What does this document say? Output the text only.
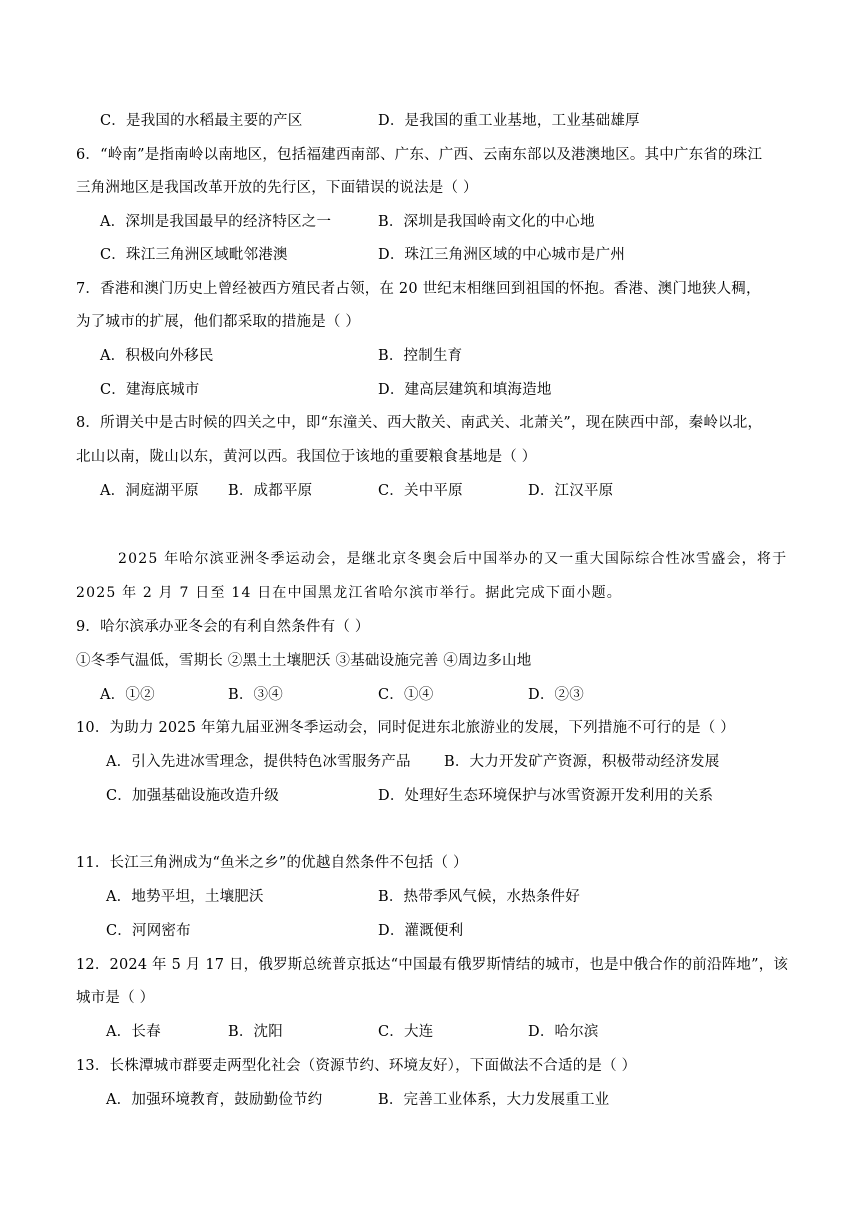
C．是我国的水稻最主要的产区	D．是我国的重工业基地，工业基础雄厚
6．“岭南”是指南岭以南地区，包括福建西南部、广东、广西、云南东部以及港澳地区。其中广东省的珠江
三角洲地区是我国改革开放的先行区，下面错误的说法是（ ）
A．深圳是我国最早的经济特区之一	B．深圳是我国岭南文化的中心地
C．珠江三角洲区域毗邻港澳	D．珠江三角洲区域的中心城市是广州
7．香港和澳门历史上曾经被西方殖民者占领，在 20 世纪末相继回到祖国的怀抱。香港、澳门地狭人稠，
为了城市的扩展，他们都采取的措施是（ ）
A．积极向外移民	B．控制生育
C．建海底城市	D．建高层建筑和填海造地
8．所谓关中是古时候的四关之中，即“东潼关、西大散关、南武关、北萧关”，现在陕西中部，秦岭以北，
北山以南，陇山以东，黄河以西。我国位于该地的重要粮食基地是（ ）
A．洞庭湖平原 B．成都平原	C．关中平原	D．江汉平原
2025 年哈尔滨亚洲冬季运动会，是继北京冬奥会后中国举办的又一重大国际综合性冰雪盛会，将于
2025 年 2 月 7 日至 14 日在中国黑龙江省哈尔滨市举行。据此完成下面小题。
9．哈尔滨承办亚冬会的有利自然条件有（ ）
①冬季气温低，雪期长 ②黑土土壤肥沃 ③基础设施完善 ④周边多山地
A．①②	B．③④	C．①④	D．②③
10．为助力 2025 年第九届亚洲冬季运动会，同时促进东北旅游业的发展，下列措施不可行的是（ ）
A．引入先进冰雪理念，提供特色冰雪服务产品 B．大力开发矿产资源，积极带动经济发展
C．加强基础设施改造升级	D．处理好生态环境保护与冰雪资源开发利用的关系
11．长江三角洲成为“鱼米之乡”的优越自然条件不包括（ ）
A．地势平坦，土壤肥沃	B．热带季风气候，水热条件好
C．河网密布	D．灌溉便利
12．2024 年 5 月 17 日，俄罗斯总统普京抵达“中国最有俄罗斯情结的城市，也是中俄合作的前沿阵地”，该
城市是（ ）
A．长春	B．沈阳	C．大连	D．哈尔滨
13．长株潭城市群要走两型化社会（资源节约、环境友好），下面做法不合适的是（ ）
A．加强环境教育，鼓励勤俭节约	B．完善工业体系，大力发展重工业
